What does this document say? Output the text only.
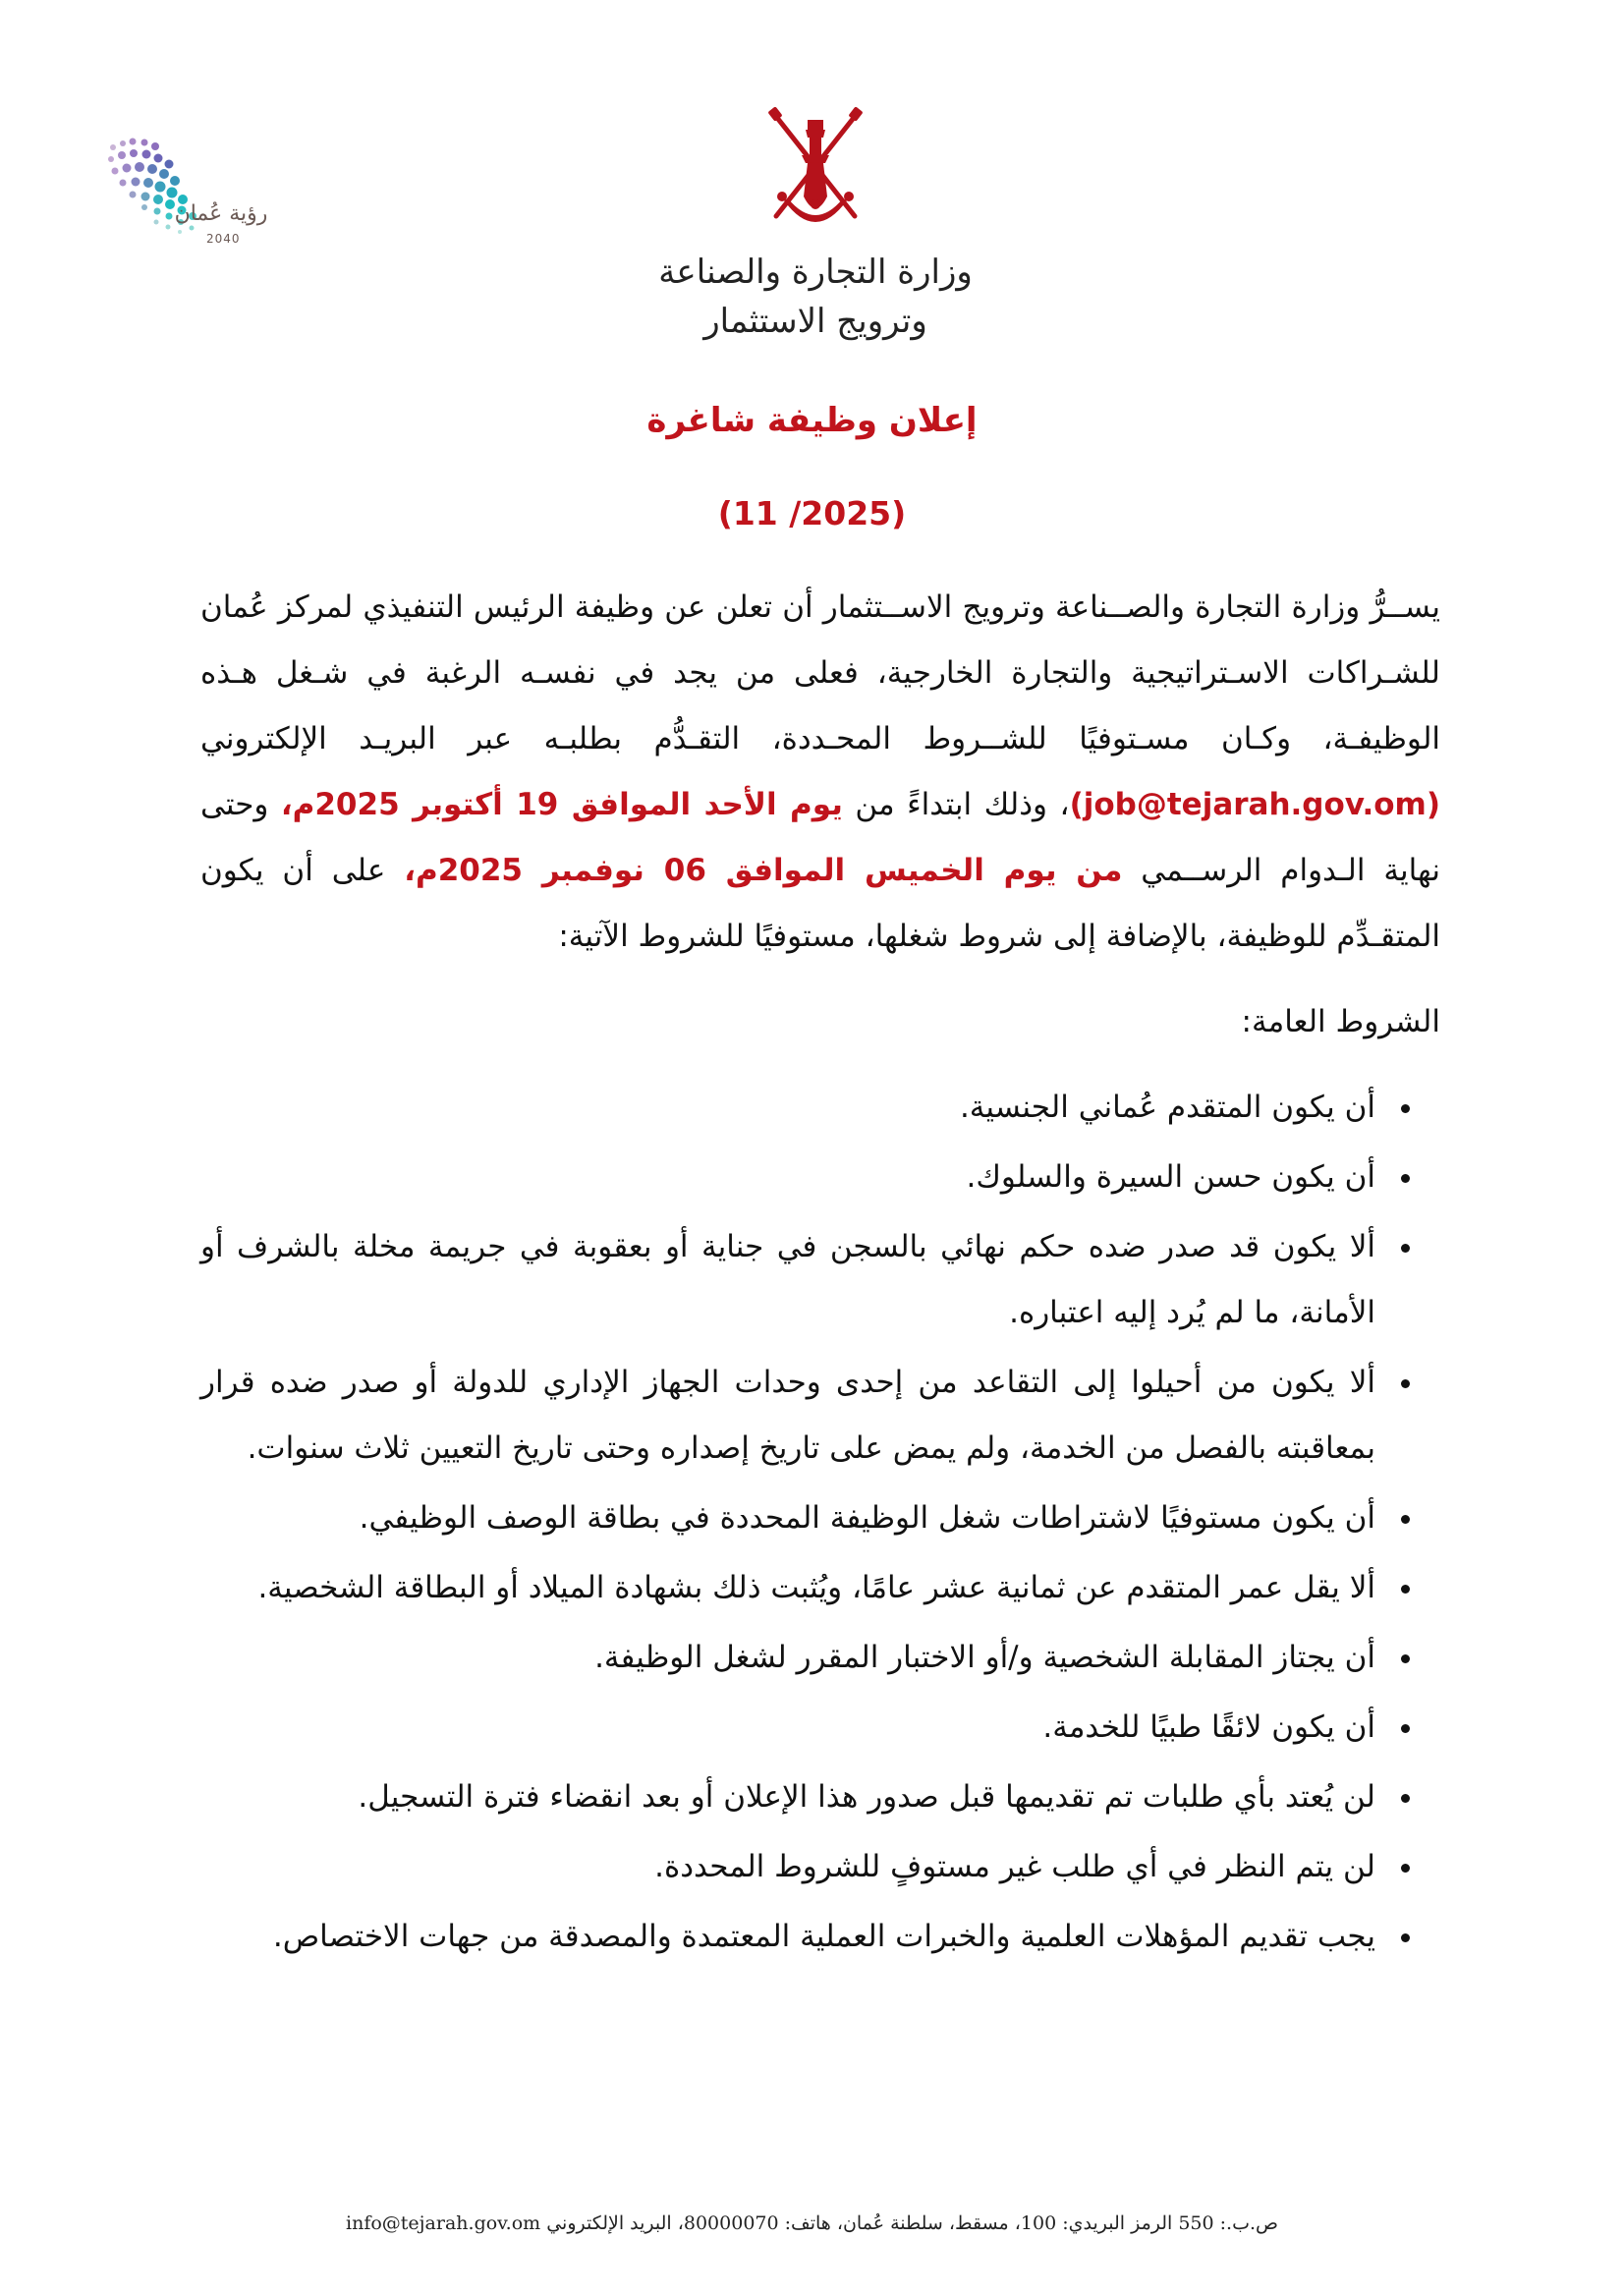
رؤية عُمان
2040
وزارة التجارة والصناعة
وترويج الاستثمار
إعلان وظيفة شاغرة
(11 /2025)

يســرُّ وزارة التجارة والصــناعة وترويج الاســتثمار أن تعلن عن وظيفة الرئيس التنفيذي لمركز عُمان للشـراكات الاسـتراتيجية والتجارة الخارجية، فعلى من يجد في نفسـه الرغبة في شـغل هـذه الوظيفـة، وكـان مسـتوفيًا للشــروط المحـددة، التقـدُّم بطلبـه عبر البريـد الإلكتروني (job@tejarah.gov.om)، وذلك ابتداءً من يوم الأحد الموافق 19 أكتوبر 2025م، وحتى نهاية الـدوام الرســمي من يوم الخميس الموافق 06 نوفمبر 2025م، على أن يكون المتقـدِّم للوظيفة، بالإضافة إلى شروط شغلها، مستوفيًا للشروط الآتية:

الشروط العامة:
• أن يكون المتقدم عُماني الجنسية.
• أن يكون حسن السيرة والسلوك.
• ألا يكون قد صدر ضده حكم نهائي بالسجن في جناية أو بعقوبة في جريمة مخلة بالشرف أو الأمانة، ما لم يُرد إليه اعتباره.
• ألا يكون من أحيلوا إلى التقاعد من إحدى وحدات الجهاز الإداري للدولة أو صدر ضده قرار بمعاقبته بالفصل من الخدمة، ولم يمض على تاريخ إصداره وحتى تاريخ التعيين ثلاث سنوات.
• أن يكون مستوفيًا لاشتراطات شغل الوظيفة المحددة في بطاقة الوصف الوظيفي.
• ألا يقل عمر المتقدم عن ثمانية عشر عامًا، ويُثبت ذلك بشهادة الميلاد أو البطاقة الشخصية.
• أن يجتاز المقابلة الشخصية و/أو الاختبار المقرر لشغل الوظيفة.
• أن يكون لائقًا طبيًا للخدمة.
• لن يُعتد بأي طلبات تم تقديمها قبل صدور هذا الإعلان أو بعد انقضاء فترة التسجيل.
• لن يتم النظر في أي طلب غير مستوفٍ للشروط المحددة.
• يجب تقديم المؤهلات العلمية والخبرات العملية المعتمدة والمصدقة من جهات الاختصاص.
ص.ب.: 550 الرمز البريدي: 100، مسقط، سلطنة عُمان، هاتف: 80000070، البريد الإلكتروني info@tejarah.gov.om
